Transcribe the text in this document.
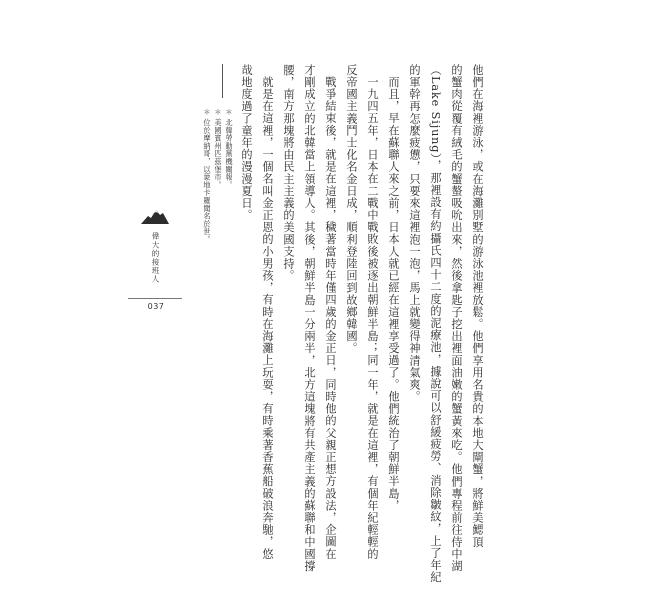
他們在海裡游泳，或在海灘別墅的游泳池裡放鬆。他們享用名貴的本地大閘蟹，將鮮美鰓頂
的蟹肉從覆有絨毛的蟹螯吸吮出來，然後拿匙子挖出裡面油嫩的蟹黃來吃。他們專程前往侍中湖
（Lake Sijung），那裡設有約攝氏四十二度的泥療池，據說可以舒緩疲勞、消除皺紋，上了年紀
的軍幹再怎麼疲憊，只要來這裡泡一泡，馬上就變得神清氣爽。
而且，早在蘇聯人來之前，日本人就已經在這裡享受過了。他們統治了朝鮮半島，
一九四五年，日本在二戰中戰敗後被逐出朝鮮半島；同一年，就是在這裡，有個年紀輕輕的
反帝國主義鬥士化名金日成，順利登陸回到故鄉韓國。
戰爭結束後，就是在這裡，穢著當時年僅四歲的金正日，同時他的父親正想方設法，企圖在
才剛成立的北韓當上領導人。其後，朝鮮半島一分兩半，北方這塊將有共產主義的蘇聯和中國撐
腰，南方那塊將由民主主義的美國支持。
就是在這裡，一個名叫金正恩的小男孩，有時在海灘上玩耍，有時乘著香蕉船破浪奔馳，悠
哉地度過了童年的漫漫夏日。
＊ 北韓勞動黨機關報。
＊ 美國賓州匹茲堡市。
＊ 位於摩納哥，以蒙地卡羅聞名於世。
偉大的接班人
037
